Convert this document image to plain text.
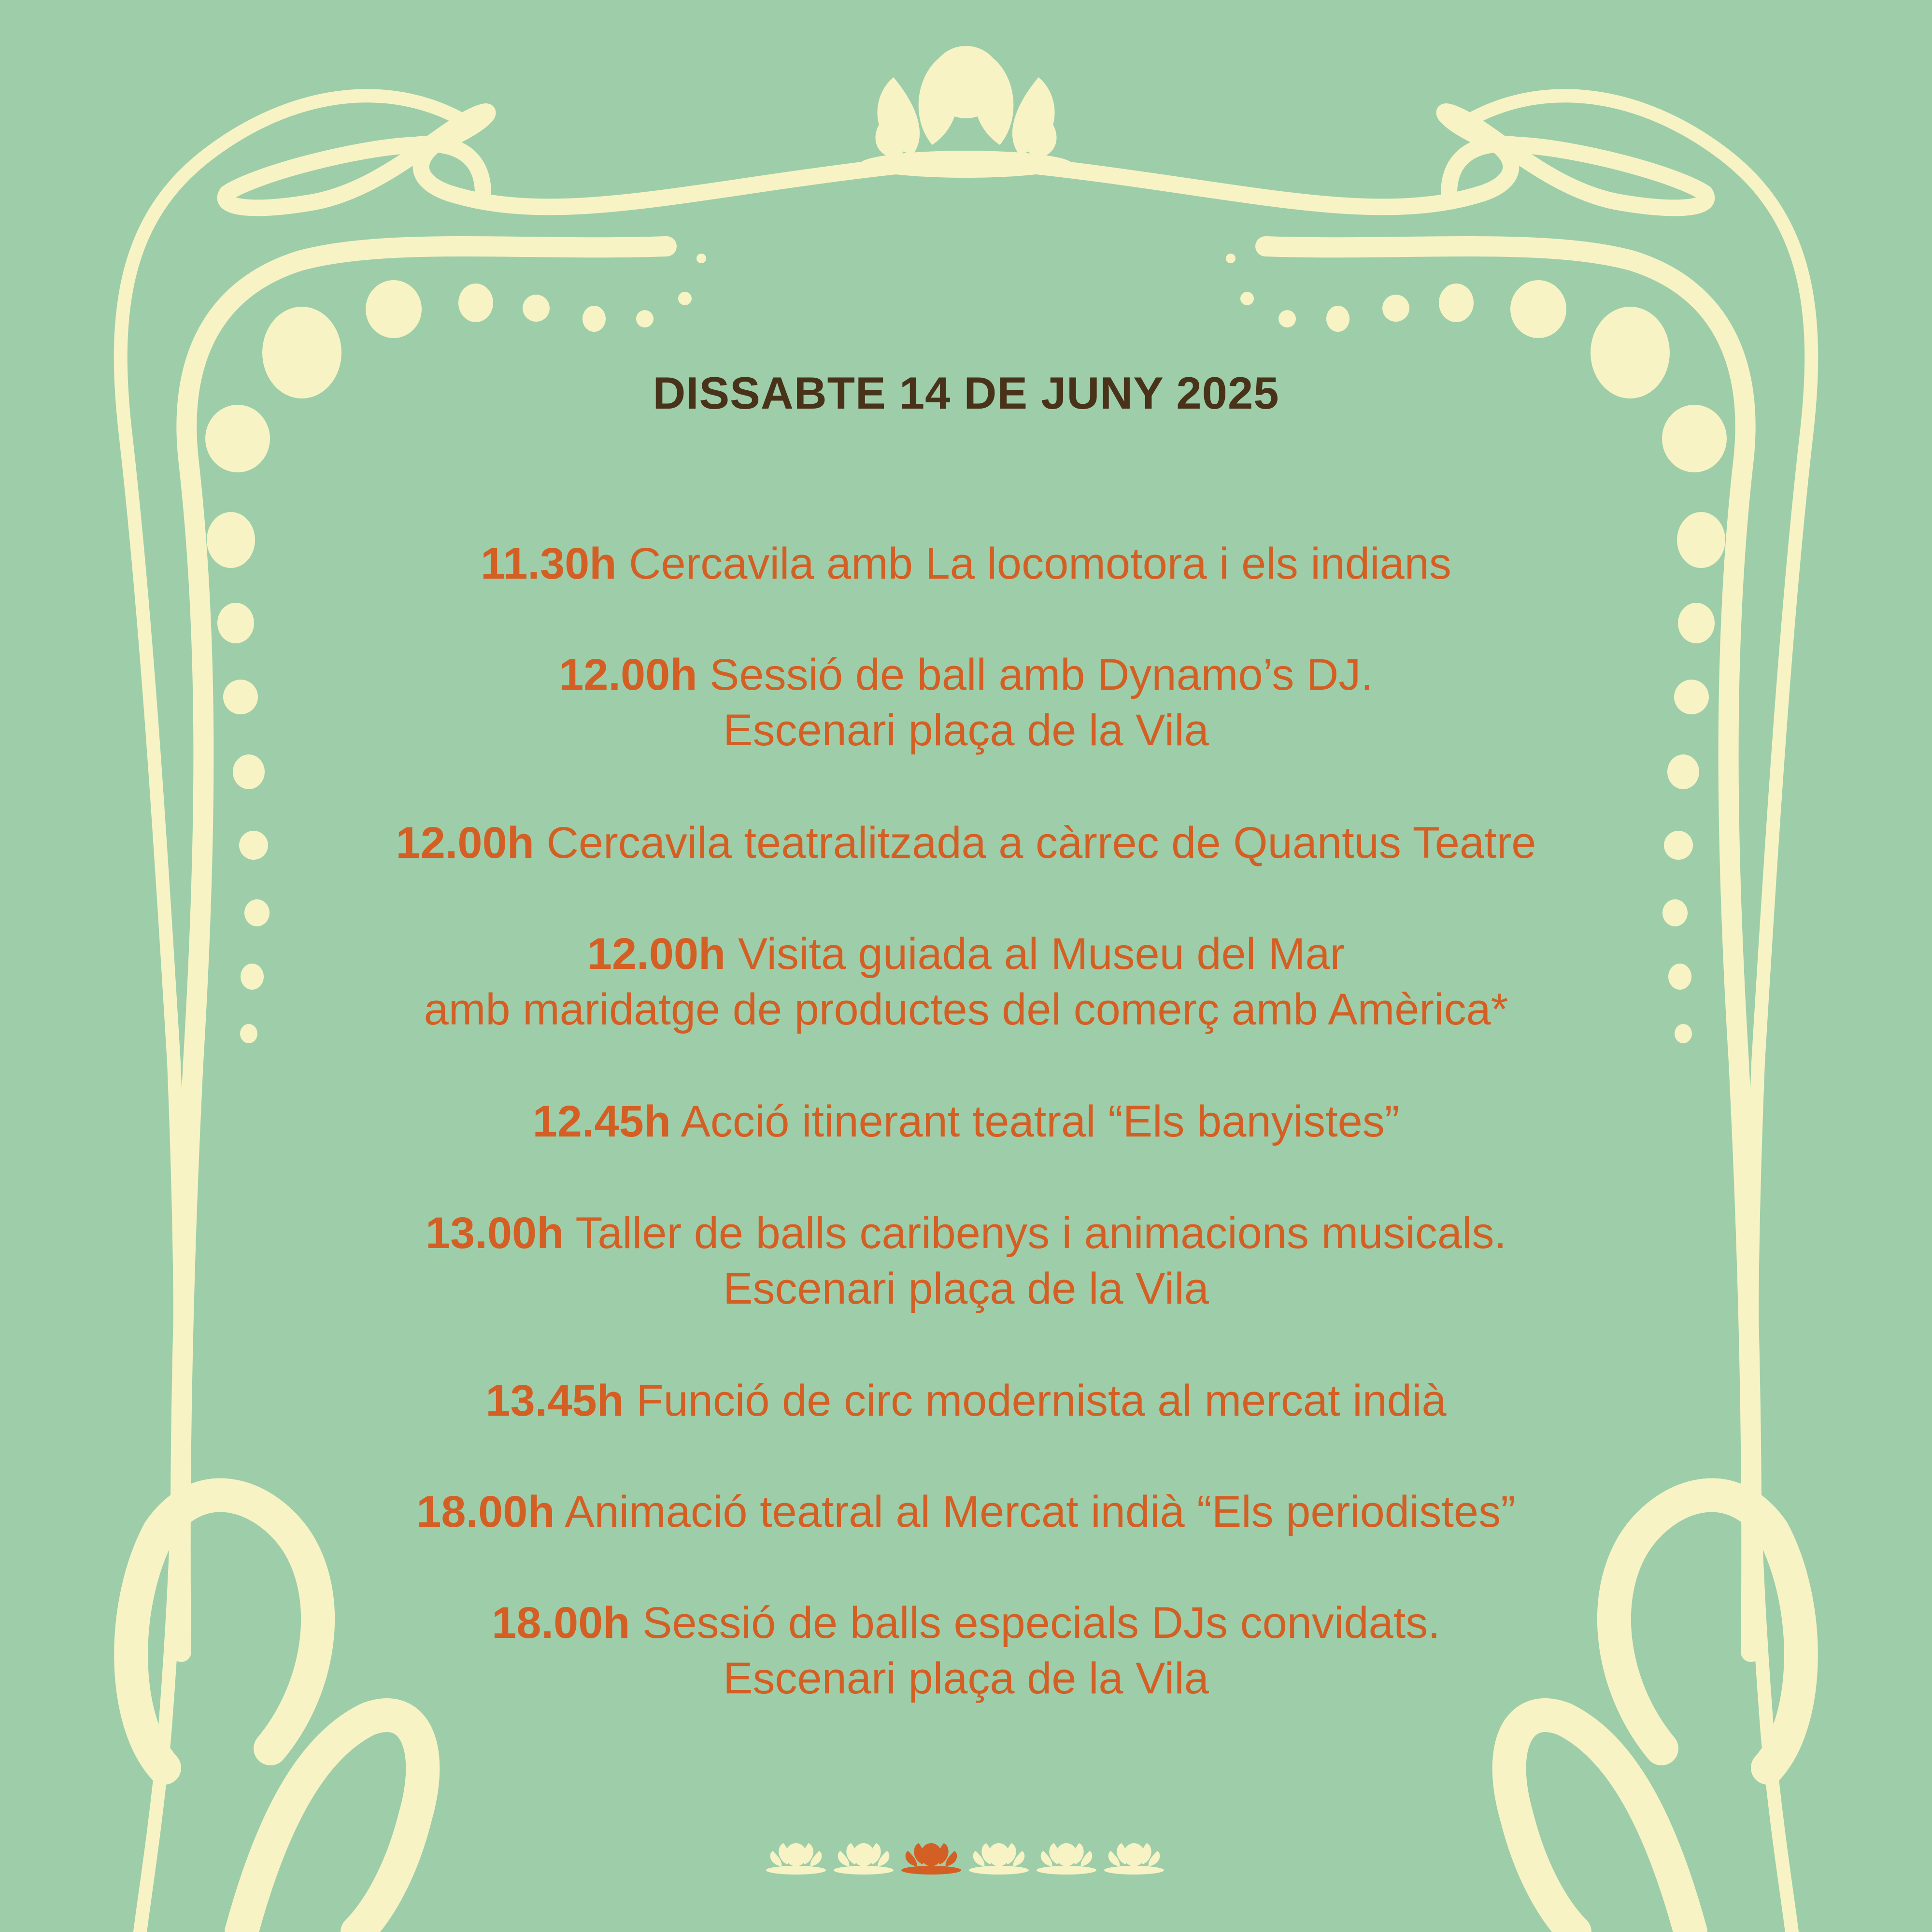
DISSABTE 14 DE JUNY 2025
11.30h Cercavila amb La locomotora i els indians
12.00h Sessió de ball amb Dynamo’s DJ.
Escenari plaça de la Vila
12.00h Cercavila teatralitzada a càrrec de Quantus Teatre
12.00h Visita guiada al Museu del Mar
amb maridatge de productes del comerç amb Amèrica*
12.45h Acció itinerant teatral “Els banyistes”
13.00h Taller de balls caribenys i animacions musicals.
Escenari plaça de la Vila
13.45h Funció de circ modernista al mercat indià
18.00h Animació teatral al Mercat indià “Els periodistes”
18.00h Sessió de balls especials DJs convidats.
Escenari plaça de la Vila
